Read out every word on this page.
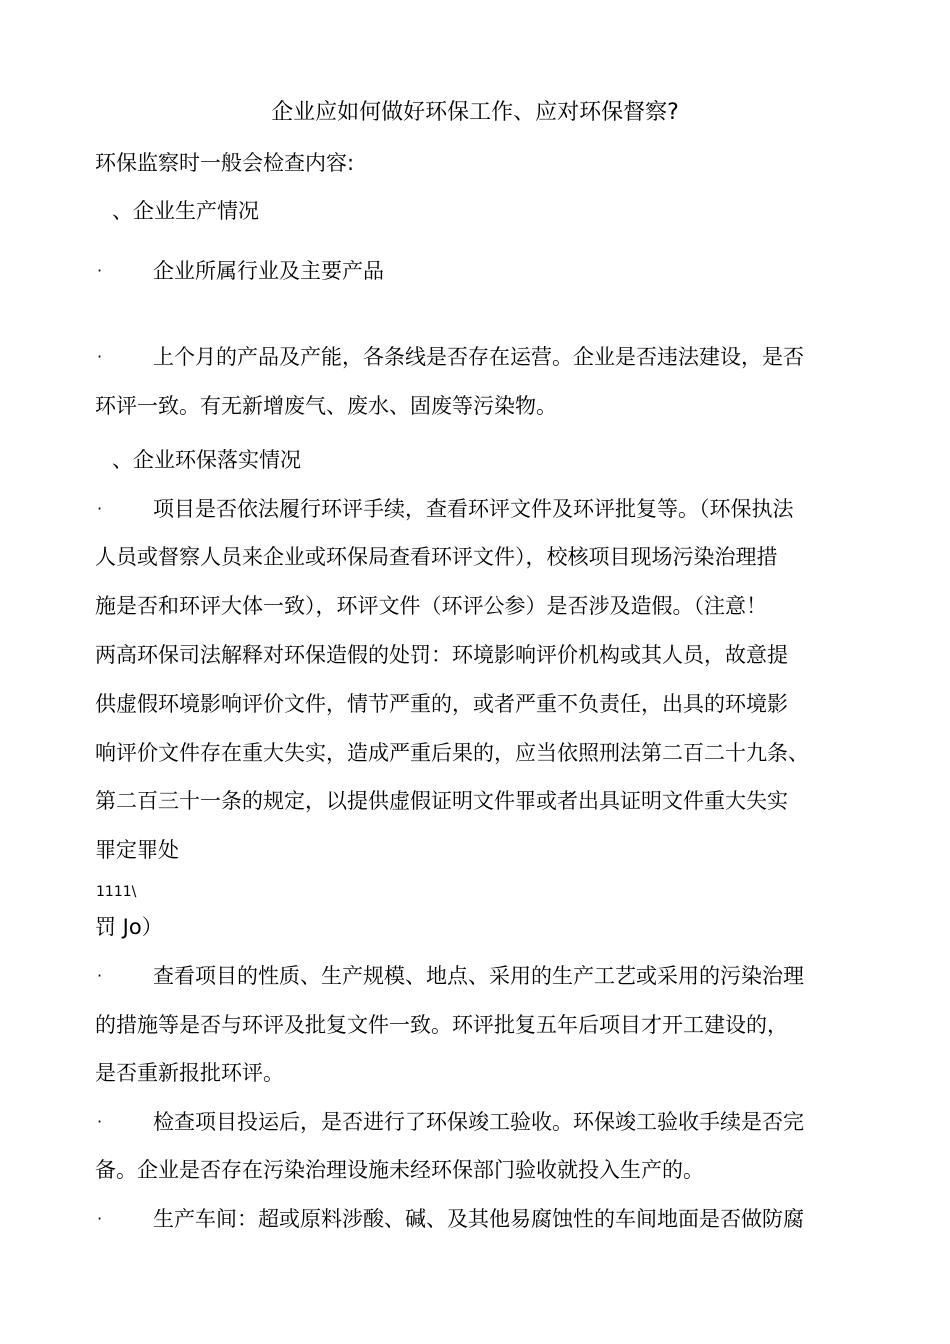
企业应如何做好环保工作、应对环保督察?
环保监察时一般会检查内容:
、企业生产情况
· 企业所属行业及主要产品
· 上个月的产品及产能，各条线是否存在运营。企业是否违法建设，是否
环评一致。有无新增废气、废水、固废等污染物。
、企业环保落实情况
· 项目是否依法履行环评手续，查看环评文件及环评批复等。（环保执法
人员或督察人员来企业或环保局查看环评文件），校核项目现场污染治理措
施是否和环评大体一致），环评文件（环评公参）是否涉及造假。（注意！
两高环保司法解释对环保造假的处罚：环境影响评价机构或其人员，故意提
供虚假环境影响评价文件，情节严重的，或者严重不负责任，出具的环境影
响评价文件存在重大失实，造成严重后果的，应当依照刑法第二百二十九条、
第二百三十一条的规定，以提供虚假证明文件罪或者出具证明文件重大失实
罪定罪处
1111\
罚 Jo）
· 查看项目的性质、生产规模、地点、采用的生产工艺或采用的污染治理
的措施等是否与环评及批复文件一致。环评批复五年后项目才开工建设的，
是否重新报批环评。
· 检查项目投运后，是否进行了环保竣工验收。环保竣工验收手续是否完
备。企业是否存在污染治理设施未经环保部门验收就投入生产的。
· 生产车间：超或原料涉酸、碱、及其他易腐蚀性的车间地面是否做防腐
